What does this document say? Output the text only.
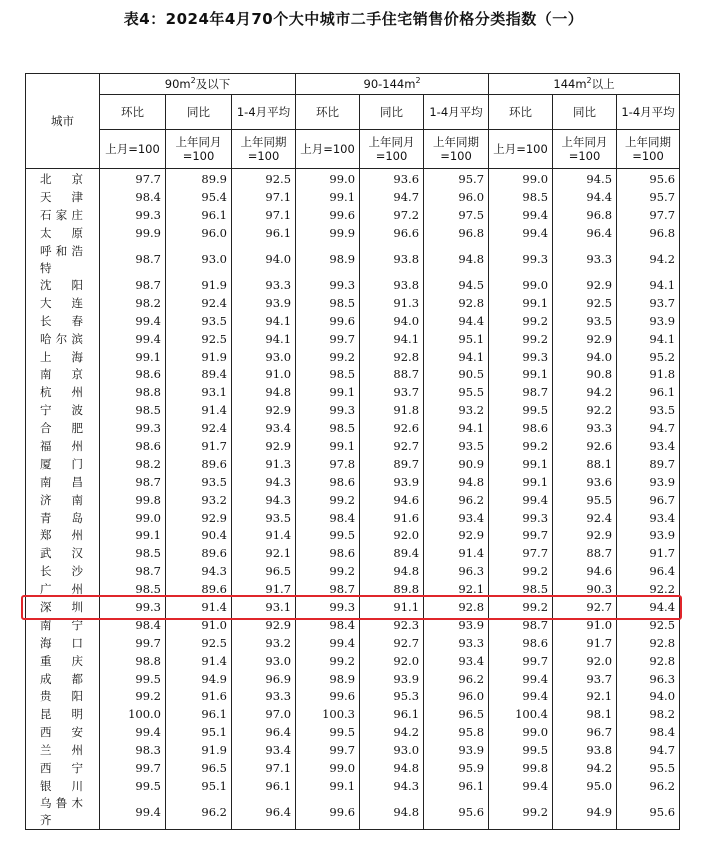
表4：2024年4月70个大中城市二手住宅销售价格分类指数（一）
城市	$90m^2$及以下			$90-144m^2$			$144m^2$以上		
	环比	同比	1-4月平均	环比	同比	1-4月平均	环比	同比	1-4月平均
	上月=100	上年同月=100	上年同期=100	上月=100	上年同月=100	上年同期=100	上月=100	上年同月=100	上年同期=100
北京	97.7	89.9	92.5	99.0	93.6	95.7	99.0	94.5	95.6
天津	98.4	95.4	97.1	99.1	94.7	96.0	98.5	94.4	95.7
石家庄	99.3	96.1	97.1	99.6	97.2	97.5	99.4	96.8	97.7
太原	99.9	96.0	96.1	99.9	96.6	96.8	99.4	96.4	96.8
呼和浩特	98.7	93.0	94.0	98.9	93.8	94.8	99.3	93.3	94.2
沈阳	98.7	91.9	93.3	99.3	93.8	94.5	99.0	92.9	94.1
大连	98.2	92.4	93.9	98.5	91.3	92.8	99.1	92.5	93.7
长春	99.4	93.5	94.1	99.6	94.0	94.4	99.2	93.5	93.9
哈尔滨	99.4	92.5	94.1	99.7	94.1	95.1	99.2	92.9	94.1
上海	99.1	91.9	93.0	99.2	92.8	94.1	99.3	94.0	95.2
南京	98.6	89.4	91.0	98.5	88.7	90.5	99.1	90.8	91.8
杭州	98.8	93.1	94.8	99.1	93.7	95.5	98.7	94.2	96.1
宁波	98.5	91.4	92.9	99.3	91.8	93.2	99.5	92.2	93.5
合肥	99.3	92.4	93.4	98.5	92.6	94.1	98.6	93.3	94.7
福州	98.6	91.7	92.9	99.1	92.7	93.5	99.2	92.6	93.4
厦门	98.2	89.6	91.3	97.8	89.7	90.9	99.1	88.1	89.7
南昌	98.7	93.5	94.3	98.6	93.9	94.8	99.1	93.6	93.9
济南	99.8	93.2	94.3	99.2	94.6	96.2	99.4	95.5	96.7
青岛	99.0	92.9	93.5	98.4	91.6	93.4	99.3	92.4	93.4
郑州	99.1	90.4	91.4	99.5	92.0	92.9	99.7	92.9	93.9
武汉	98.5	89.6	92.1	98.6	89.4	91.4	97.7	88.7	91.7
长沙	98.7	94.3	96.5	99.2	94.8	96.3	99.2	94.6	96.4
广州	98.5	89.6	91.7	98.7	89.8	92.1	98.5	90.3	92.2
深圳	99.3	91.4	93.1	99.3	91.1	92.8	99.2	92.7	94.4
南宁	98.4	91.0	92.9	98.4	92.3	93.9	98.7	91.0	92.5
海口	99.7	92.5	93.2	99.4	92.7	93.3	98.6	91.7	92.8
重庆	98.8	91.4	93.0	99.2	92.0	93.4	99.7	92.0	92.8
成都	99.5	94.9	96.9	98.9	93.9	96.2	99.4	93.7	96.3
贵阳	99.2	91.6	93.3	99.6	95.3	96.0	99.4	92.1	94.0
昆明	100.0	96.1	97.0	100.3	96.1	96.5	100.4	98.1	98.2
西安	99.4	95.1	96.4	99.5	94.2	95.8	99.0	96.7	98.4
兰州	98.3	91.9	93.4	99.7	93.0	93.9	99.5	93.8	94.7
西宁	99.7	96.5	97.1	99.0	94.8	95.9	99.8	94.2	95.5
银川	99.5	95.1	96.1	99.1	94.3	96.1	99.4	95.0	96.2
乌鲁木齐	99.4	96.2	96.4	99.6	94.8	95.6	99.2	94.9	95.6
